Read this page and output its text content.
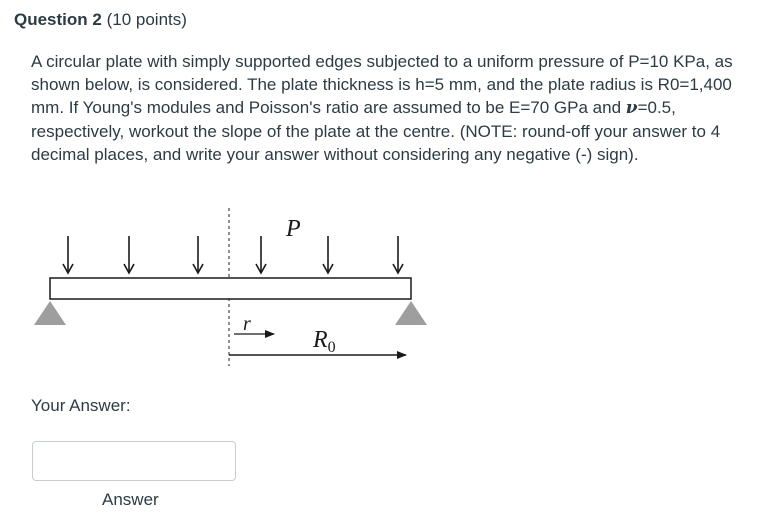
Question 2 (10 points)

A circular plate with simply supported edges subjected to a uniform pressure of P=10 KPa, as shown below, is considered. The plate thickness is h=5 mm, and the plate radius is R0=1,400 mm. If Young's modules and Poisson's ratio are assumed to be E=70 GPa and ν=0.5, respectively, workout the slope of the plate at the centre. (NOTE: round-off your answer to 4 decimal places, and write your answer without considering any negative (-) sign).

P
r
$R_0$
Your Answer:
Answer
